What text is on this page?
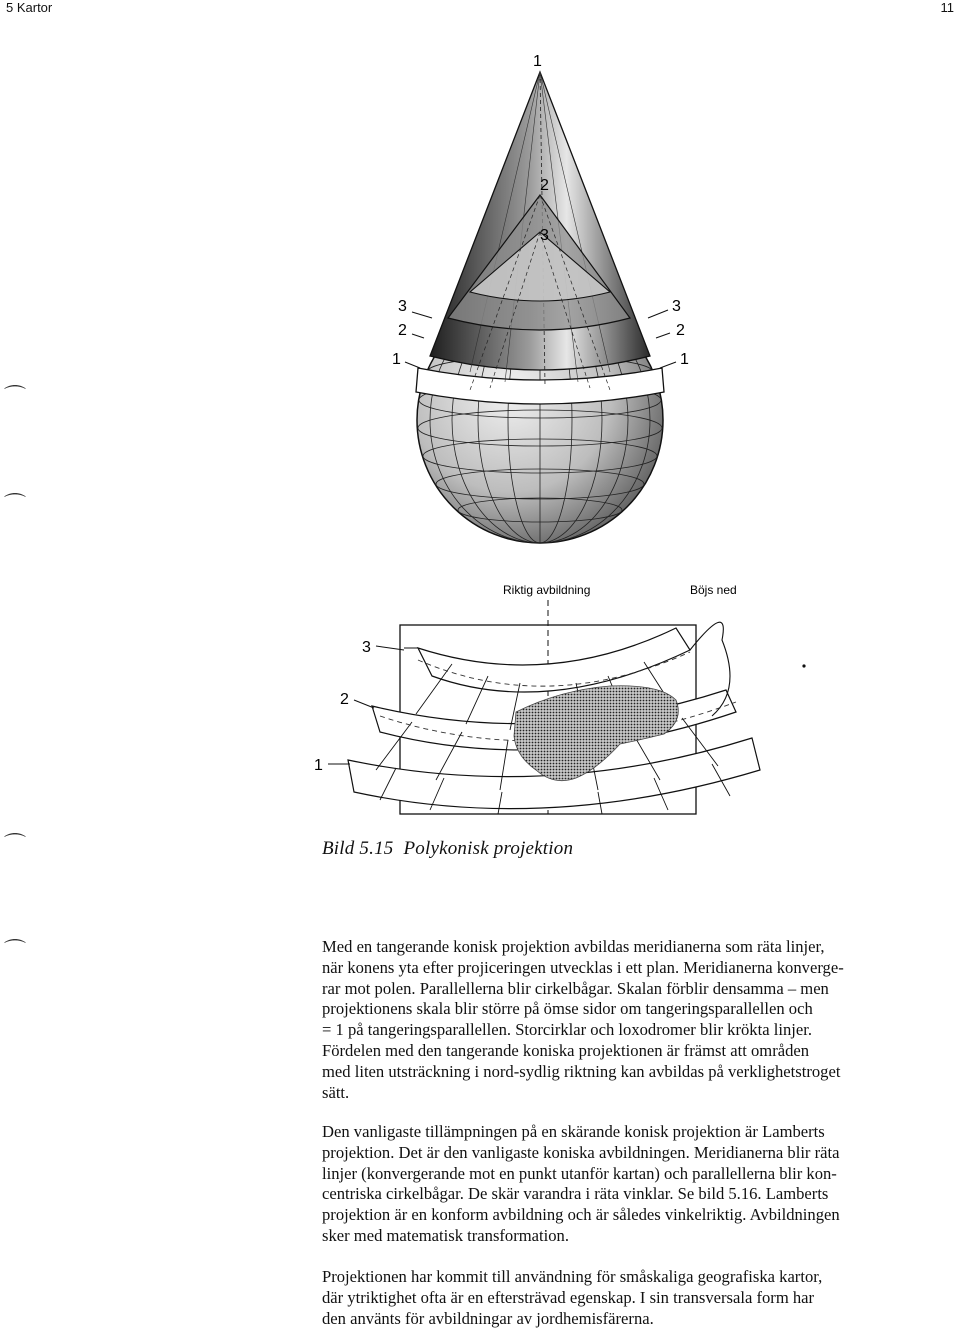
5 Kartor	11
⌒
⌒
⌒
⌒
1
2
3
3
2
1
3
2
1
Riktig avbildning	Böjs ned
3
2
1
Bild 5.15 Polykonisk projektion

Med en tangerande konisk projektion avbildas meridianerna som räta linjer,
när konens yta efter projiceringen utvecklas i ett plan. Meridianerna konverge-
rar mot polen. Parallellerna blir cirkelbågar. Skalan förblir densamma – men
projektionens skala blir större på ömse sidor om tangeringsparallellen och
= 1 på tangeringsparallellen. Storcirklar och loxodromer blir krökta linjer.
Fördelen med den tangerande koniska projektionen är främst att områden
med liten utsträckning i nord-sydlig riktning kan avbildas på verklighetstroget
sätt.

Den vanligaste tillämpningen på en skärande konisk projektion är Lamberts
projektion. Det är den vanligaste koniska avbildningen. Meridianerna blir räta
linjer (konvergerande mot en punkt utanför kartan) och parallellerna blir kon-
centriska cirkelbågar. De skär varandra i räta vinklar. Se bild 5.16. Lamberts
projektion är en konform avbildning och är således vinkelriktig. Avbildningen
sker med matematisk transformation.

Projektionen har kommit till användning för småskaliga geografiska kartor,
där ytriktighet ofta är en eftersträvad egenskap. I sin transversala form har
den använts för avbildningar av jordhemisfärerna.
